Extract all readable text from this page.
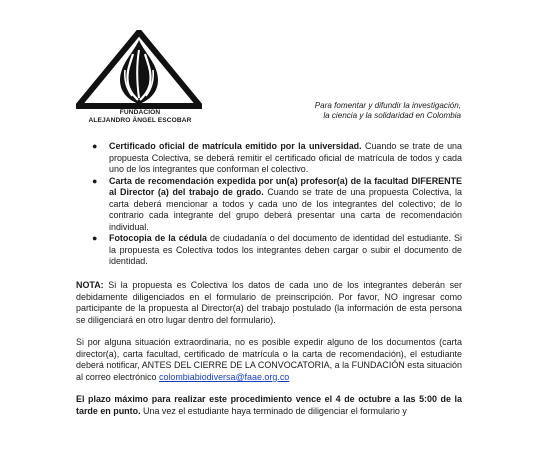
FUNDACIÓN
ALEJANDRO ÁNGEL ESCOBAR
Para fomentar y difundir la investigación,
la ciencia y la solidaridad en Colombia
● Certificado oficial de matrícula emitido por la universidad. Cuando se trate de una propuesta Colectiva, se deberá remitir el certificado oficial de matrícula de todos y cada uno de los integrantes que conforman el colectivo.
● Carta de recomendación expedida por un(a) profesor(a) de la facultad DIFERENTE al Director (a) del trabajo de grado. Cuando se trate de una propuesta Colectiva, la carta deberá mencionar a todos y cada uno de los integrantes del colectivo; de lo contrario cada integrante del grupo deberá presentar una carta de recomendación individual.
● Fotocopia de la cédula de ciudadanía o del documento de identidad del estudiante. Si la propuesta es Colectiva todos los integrantes deben cargar o subir el documento de identidad.

NOTA: Si la propuesta es Colectiva los datos de cada uno de los integrantes deberán ser debidamente diligenciados en el formulario de preinscripción. Por favor, NO ingresar como participante de la propuesta al Director(a) del trabajo postulado (la información de esta persona se diligenciará en otro lugar dentro del formulario).

Si por alguna situación extraordinaria, no es posible expedir alguno de los documentos (carta director(a), carta facultad, certificado de matrícula o la carta de recomendación), el estudiante deberá notificar, ANTES DEL CIERRE DE LA CONVOCATORIA, a la FUNDACIÓN esta situación al correo electrónico colombiabiodiversa@faae.org.co

El plazo máximo para realizar este procedimiento vence el 4 de octubre a las 5:00 de la tarde en punto. Una vez el estudiante haya terminado de diligenciar el formulario y
